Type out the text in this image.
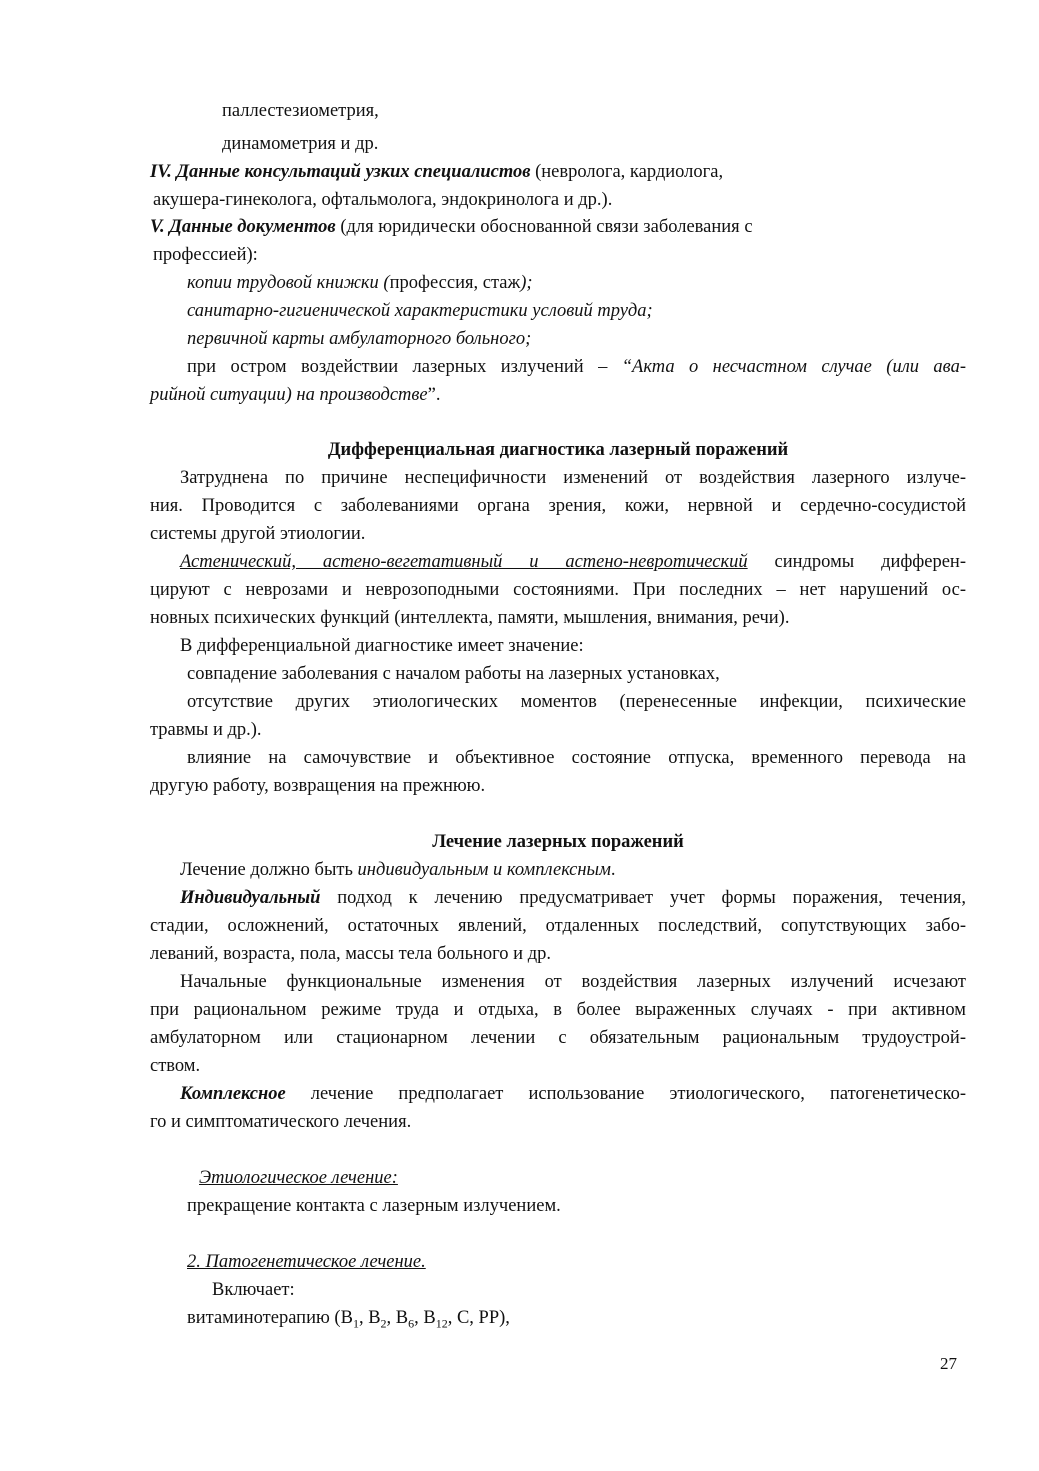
паллестезиометрия,
динамометрия и др.
IV. Данные консультаций узких специалистов (невролога, кардиолога,
акушера-гинеколога, офтальмолога, эндокринолога и др.).
V. Данные документов (для юридически обоснованной связи заболевания с
профессией):
копии трудовой книжки (профессия, стаж);
санитарно-гигиенической характеристики условий труда;
первичной карты амбулаторного больного;
при остром воздействии лазерных излучений – “Акта о несчастном случае (или ава-
рийной ситуации) на производстве”.
Дифференциальная диагностика лазерный поражений
Затруднена по причине неспецифичности изменений от воздействия лазерного излуче-
ния. Проводится с заболеваниями органа зрения, кожи, нервной и сердечно-сосудистой
системы другой этиологии.
Астенический, астено-вегетативный и астено-невротический синдромы дифферен-
цируют с неврозами и неврозоподными состояниями. При последних – нет нарушений ос-
новных психических функций (интеллекта, памяти, мышления, внимания, речи).
В дифференциальной диагностике имеет значение:
совпадение заболевания с началом работы на лазерных установках,
отсутствие других этиологических моментов (перенесенные инфекции, психические
травмы и др.).
влияние на самочувствие и объективное состояние отпуска, временного перевода на
другую работу, возвращения на прежнюю.
Лечение лазерных поражений
Лечение должно быть индивидуальным и комплексным.
Индивидуальный подход к лечению предусматривает учет формы поражения, течения,
стадии, осложнений, остаточных явлений, отдаленных последствий, сопутствующих забо-
леваний, возраста, пола, массы тела больного и др.
Начальные функциональные изменения от воздействия лазерных излучений исчезают
при рациональном режиме труда и отдыха, в более выраженных случаях - при активном
амбулаторном или стационарном лечении с обязательным рациональным трудоустрой-
ством.
Комплексное лечение предполагает использование этиологического, патогенетическо-
го и симптоматического лечения.
Этиологическое лечение:
прекращение контакта с лазерным излучением.
2. Патогенетическое лечение.
Включает:
витаминотерапию ($В_1$, $В_2$, $В_6$, $В_{12}$, С, РР),
27
